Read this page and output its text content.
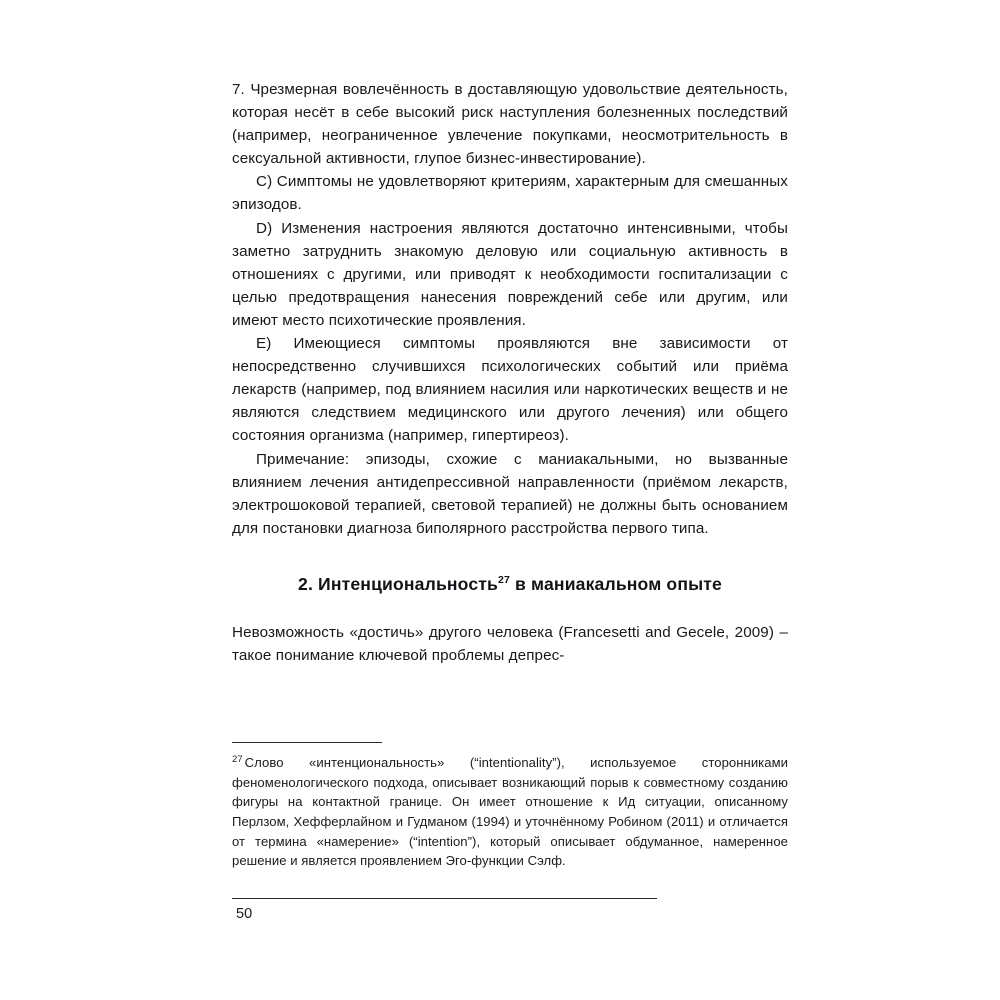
7. Чрезмерная вовлечённость в доставляющую удовольствие деятельность, которая несёт в себе высокий риск наступления болезненных последствий (например, неограниченное увлечение покупками, неосмотрительность в сексуальной активности, глупое бизнес-инвестирование).

C) Симптомы не удовлетворяют критериям, характерным для смешанных эпизодов.

D) Изменения настроения являются достаточно интенсивными, чтобы заметно затруднить знакомую деловую или социальную активность в отношениях с другими, или приводят к необходимости госпитализации с целью предотвращения нанесения повреждений себе или другим, или имеют место психотические проявления.

E) Имеющиеся симптомы проявляются вне зависимости от непосредственно случившихся психологических событий или приёма лекарств (например, под влиянием насилия или наркотических веществ и не являются следствием медицинского или другого лечения) или общего состояния организма (например, гипертиреоз).

Примечание: эпизоды, схожие с маниакальными, но вызванные влиянием лечения антидепрессивной направленности (приёмом лекарств, электрошоковой терапией, световой терапией) не должны быть основанием для постановки диагноза биполярного расстройства первого типа.

2. Интенциональность$^{27}$ в маниакальном опыте

Невозможность «достичь» другого человека (Francesetti and Gecele, 2009) – такое понимание ключевой проблемы депрес-

$^{27}$ Слово «интенциональность» (“intentionality”), используемое сторонниками феноменологического подхода, описывает возникающий порыв к совместному созданию фигуры на контактной границе. Он имеет отношение к Ид ситуации, описанному Перлзом, Хефферлайном и Гудманом (1994) и уточнённому Робином (2011) и отличается от термина «намерение» (“intention”), который описывает обдуманное, намеренное решение и является проявлением Эго-функции Сэлф.

50
